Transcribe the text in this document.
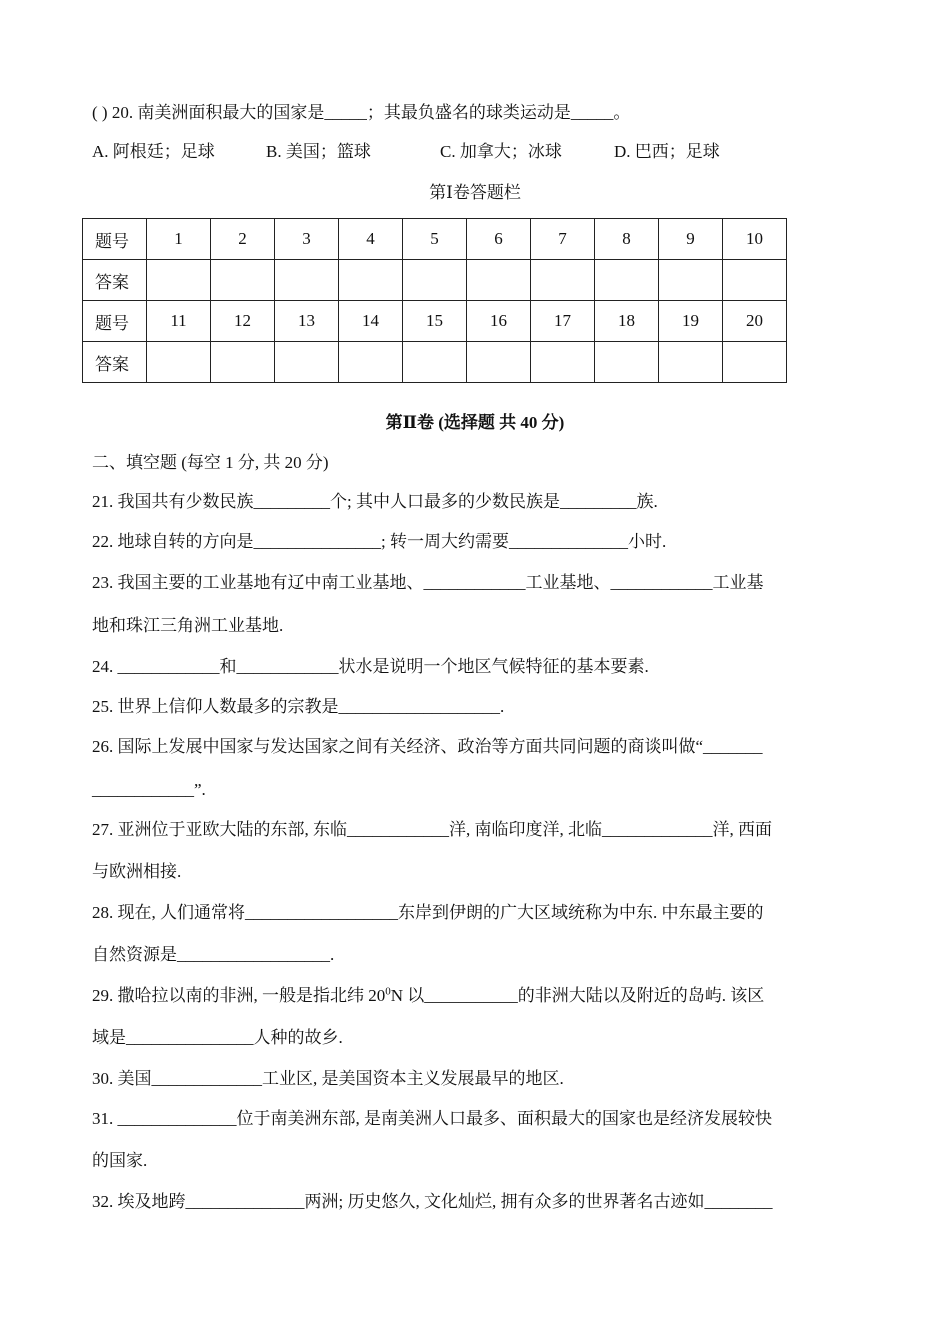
( ) 20. 南美洲面积最大的国家是_____；其最负盛名的球类运动是_____。
A. 阿根廷；足球	B. 美国；篮球	C. 加拿大；冰球	D. 巴西；足球
第Ⅰ卷答题栏
题号	1	2	3	4	5	6	7	8	9	10
答案										
题号	11	12	13	14	15	16	17	18	19	20
答案										
第Ⅱ卷 (选择题 共 40 分)
二、填空题 (每空 1 分, 共 20 分)
21. 我国共有少数民族_________个; 其中人口最多的少数民族是_________族.
22. 地球自转的方向是_______________; 转一周大约需要______________小时.
23. 我国主要的工业基地有辽中南工业基地、____________工业基地、____________工业基
地和珠江三角洲工业基地.
24. ____________和____________状水是说明一个地区气候特征的基本要素.
25. 世界上信仰人数最多的宗教是___________________.
26. 国际上发展中国家与发达国家之间有关经济、政治等方面共同问题的商谈叫做“_______
____________”.
27. 亚洲位于亚欧大陆的东部, 东临____________洋, 南临印度洋, 北临_____________洋, 西面
与欧洲相接.
28. 现在, 人们通常将__________________东岸到伊朗的广大区域统称为中东. 中东最主要的
自然资源是__________________.
29. 撒哈拉以南的非洲, 一般是指北纬 $20^0N$ 以___________的非洲大陆以及附近的岛屿. 该区
域是_______________人种的故乡.
30. 美国_____________工业区, 是美国资本主义发展最早的地区.
31. ______________位于南美洲东部, 是南美洲人口最多、面积最大的国家也是经济发展较快
的国家.
32. 埃及地跨______________两洲; 历史悠久, 文化灿烂, 拥有众多的世界著名古迹如________
